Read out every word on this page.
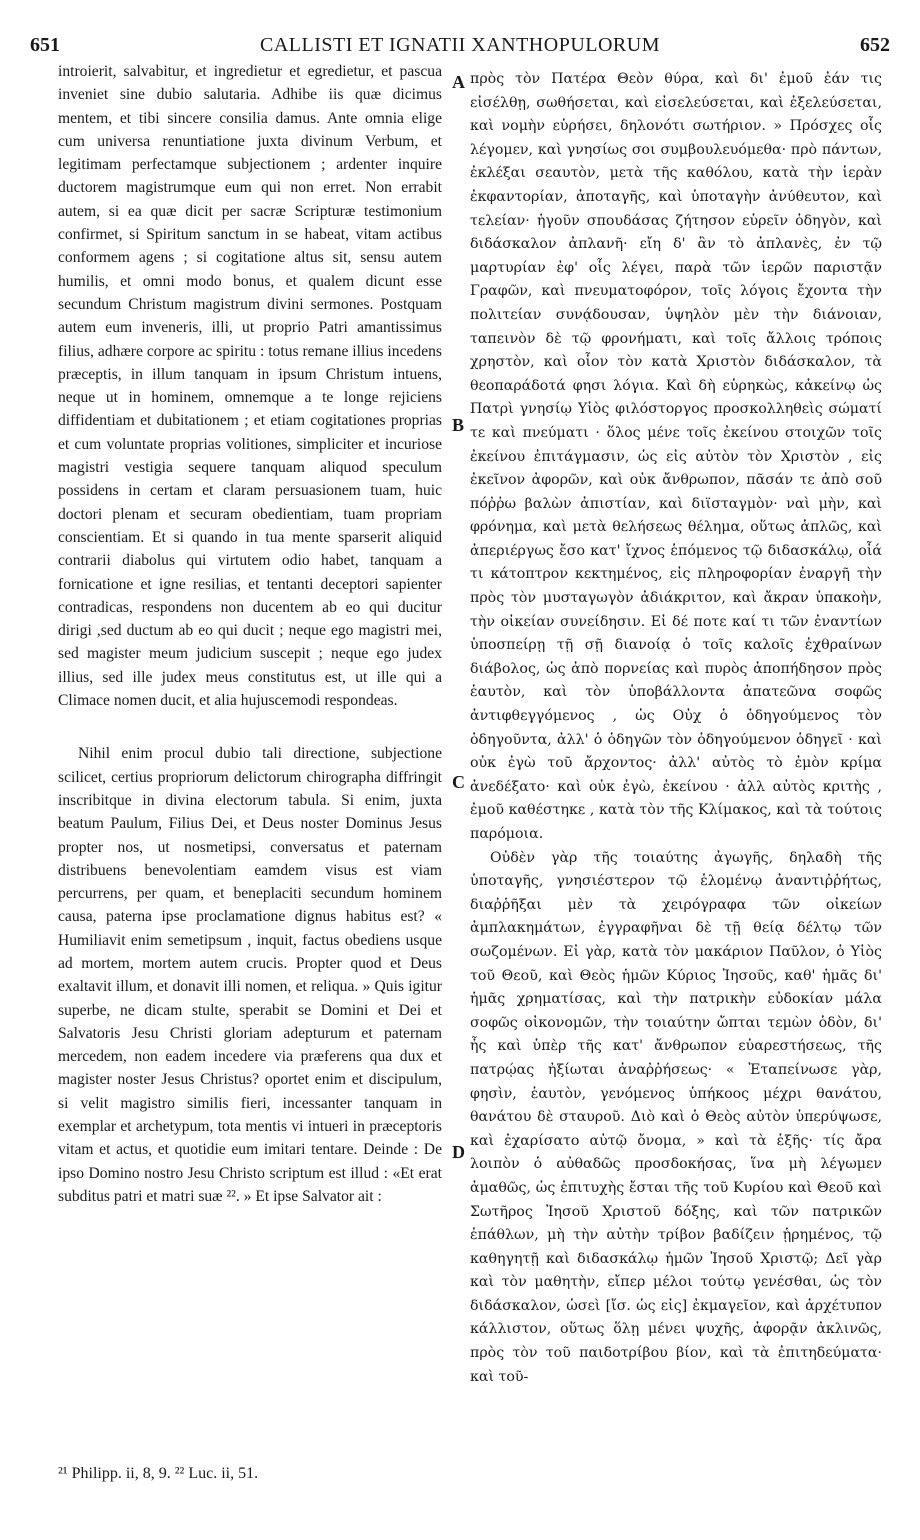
651	CALLISTI ET IGNATII XANTHOPULORUM	652

introierit, salvabitur, et ingredietur et egredietur, et pascua inveniet sine dubio salutaria. Adhibe iis quæ dicimus mentem, et tibi sincere consilia damus. Ante omnia elige cum universa renuntiatione juxta divinum Verbum, et legitimam perfectamque subjectionem ; ardenter inquire ductorem magistrumque eum qui non erret. Non errabit autem, si ea quæ dicit per sacræ Scripturæ testimonium confirmet, si Spiritum sanctum in se habeat, vitam actibus conformem agens ; si cogitatione altus sit, sensu autem humilis, et omni modo bonus, et qualem dicunt esse secundum Christum magistrum divini sermones. Postquam autem eum inveneris, illi, ut proprio Patri amantissimus filius, adhære corpore ac spiritu : totus remane illius incedens præceptis, in illum tanquam in ipsum Christum intuens, neque ut in hominem, omnemque a te longe rejiciens diffidentiam et dubitationem ; et etiam cogitationes proprias et cum voluntate proprias volitiones, simpliciter et incuriose magistri vestigia sequere tanquam aliquod speculum possidens in certam et claram persuasionem tuam, huic doctori plenam et securam obedientiam, tuam propriam conscientiam. Et si quando in tua mente sparserit aliquid contrarii diabolus qui virtutem odio habet, tanquam a fornicatione et igne resilias, et tentanti deceptori sapienter contradicas, respondens non ducentem ab eo qui ducitur dirigi ,sed ductum ab eo qui ducit ; neque ego magistri mei, sed magister meum judicium suscepit ; neque ego judex illius, sed ille judex meus constitutus est, ut ille qui a Climace nomen ducit, et alia hujuscemodi respondeas.

Nihil enim procul dubio tali directione, subjectione scilicet, certius propriorum delictorum chirographa diffringit inscribitque in divina electorum tabula. Si enim, juxta beatum Paulum, Filius Dei, et Deus noster Dominus Jesus propter nos, ut nosmetipsi, conversatus et paternam distribuens benevolentiam eamdem visus est viam percurrens, per quam, et beneplaciti secundum hominem causa, paterna ipse proclamatione dignus habitus est? « Humiliavit enim semetipsum , inquit, factus obediens usque ad mortem, mortem autem crucis. Propter quod et Deus exaltavit illum, et donavit illi nomen, et reliqua. » Quis igitur superbe, ne dicam stulte, sperabit se Domini et Dei et Salvatoris Jesu Christi gloriam adepturum et paternam mercedem, non eadem incedere via præferens qua dux et magister noster Jesus Christus? oportet enim et discipulum, si velit magistro similis fieri, incessanter tanquam in exemplar et archetypum, tota mentis vi intueri in præceptoris vitam et actus, et quotidie eum imitari tentare. Deinde : De ipso Domino nostro Jesu Christo scriptum est illud : «Et erat subditus patri et matri suæ ²². » Et ipse Salvator ait :

πρὸς τὸν Πατέρα Θεὸν θύρα, καὶ δι' ἐμοῦ ἐάν τις εἰσέλθῃ, σωθήσεται, καὶ εἰσελεύσεται, καὶ ἐξελεύσεται, καὶ νομὴν εὑρήσει, δηλονότι σωτήριον. » Πρόσχες οἷς λέγομεν, καὶ γνησίως σοι συμβουλευόμεθα· πρὸ πάντων, ἐκλέξαι σεαυτὸν, μετὰ τῆς καθόλου, κατὰ τὴν ἱερὰν ἐκφαντορίαν, ἀποταγῆς, καὶ ὑποταγὴν ἀνύθευτον, καὶ τελείαν· ἡγοῦν σπουδάσας ζήτησον εὑρεῖν ὁδηγὸν, καὶ διδάσκαλον ἀπλανῆ· εἴη δ' ἂν τὸ ἀπλανὲς, ἐν τῷ μαρτυρίαν ἐφ' οἷς λέγει, παρὰ τῶν ἱερῶν παριστᾷν Γραφῶν, καὶ πνευματοφόρον, τοῖς λόγοις ἔχοντα τὴν πολιτείαν συνᾴδουσαν, ὑψηλὸν μὲν τὴν διάνοιαν, ταπεινὸν δὲ τῷ φρονήματι, καὶ τοῖς ἄλλοις τρόποις χρηστὸν, καὶ οἷον τὸν κατὰ Χριστὸν διδάσκαλον, τὰ θεοπαράδοτά φησι λόγια. Καὶ δὴ εὑρηκὼς, κἀκείνῳ ὡς Πατρὶ γνησίῳ Υἱὸς φιλόστοργος προσκολληθεὶς σώματί τε καὶ πνεύματι · ὅλος μένε τοῖς ἐκείνου στοιχῶν τοῖς ἐκείνου ἐπιτάγμασιν, ὡς εἰς αὐτὸν τὸν Χριστὸν , εἰς ἐκεῖνον ἀφορῶν, καὶ οὐκ ἄνθρωπον, πᾶσάν τε ἀπὸ σοῦ πόῤῥω βαλὼν ἀπιστίαν, καὶ διϊσταγμὸν· ναὶ μὴν, καὶ φρόνημα, καὶ μετὰ θελήσεως θέλημα, οὕτως ἁπλῶς, καὶ ἀπεριέργως ἔσο κατ' ἴχνος ἑπόμενος τῷ διδασκάλῳ, οἷά τι κάτοπτρον κεκτημένος, εἰς πληροφορίαν ἐναργῆ τὴν πρὸς τὸν μυσταγωγὸν ἀδιάκριτον, καὶ ἄκραν ὑπακοὴν, τὴν οἰκείαν συνείδησιν. Εἰ δέ ποτε καί τι τῶν ἐναντίων ὑποσπείρῃ τῇ σῇ διανοίᾳ ὁ τοῖς καλοῖς ἐχθραίνων διάβολος, ὡς ἀπὸ πορνείας καὶ πυρὸς ἀποπήδησον πρὸς ἑαυτὸν, καὶ τὸν ὑποβάλλοντα ἀπατεῶνα σοφῶς ἀντιφθεγγόμενος , ὡς Οὐχ ὁ ὁδηγούμενος τὸν ὁδηγοῦντα, ἀλλ' ὁ ὁδηγῶν τὸν ὁδηγούμενον ὁδηγεῖ · καὶ οὐκ ἐγὼ τοῦ ἄρχοντος· ἀλλ' αὐτὸς τὸ ἐμὸν κρίμα ἀνεδέξατο· καὶ οὐκ ἐγὼ, ἐκείνου · ἀλλ αὐτὸς κριτὴς , ἐμοῦ καθέστηκε , κατὰ τὸν τῆς Κλίμακος, καὶ τὰ τούτοις παρόμοια.

Οὐδὲν γὰρ τῆς τοιαύτης ἀγωγῆς, δηλαδὴ τῆς ὑποταγῆς, γνησιέστερον τῷ ἑλομένῳ ἀναντιῤῥήτως, διαῤῥῆξαι μὲν τὰ χειρόγραφα τῶν οἰκείων ἀμπλακημάτων, ἐγγραφῆναι δὲ τῇ θείᾳ δέλτῳ τῶν σωζομένων. Εἰ γὰρ, κατὰ τὸν μακάριον Παῦλον, ὁ Υἱὸς τοῦ Θεοῦ, καὶ Θεὸς ἡμῶν Κύριος Ἰησοῦς, καθ' ἡμᾶς δι' ἡμᾶς χρηματίσας, καὶ τὴν πατρικὴν εὐδοκίαν μάλα σοφῶς οἰκονομῶν, τὴν τοιαύτην ὤπται τεμὼν ὁδὸν, δι' ἧς καὶ ὑπὲρ τῆς κατ' ἄνθρωπον εὐαρεστήσεως, τῆς πατρῴας ἠξίωται ἀναῤῥήσεως· « Ἐταπείνωσε γὰρ, φησὶν, ἑαυτὸν, γενόμενος ὑπήκοος μέχρι θανάτου, θανάτου δὲ σταυροῦ. Διὸ καὶ ὁ Θεὸς αὐτὸν ὑπερύψωσε, καὶ ἐχαρίσατο αὐτῷ ὄνομα, » καὶ τὰ ἑξῆς· τίς ἄρα λοιπὸν ὁ αὐθαδῶς προσδοκήσας, ἵνα μὴ λέγωμεν ἀμαθῶς, ὡς ἐπιτυχὴς ἔσται τῆς τοῦ Κυρίου καὶ Θεοῦ καὶ Σωτῆρος Ἰησοῦ Χριστοῦ δόξης, καὶ τῶν πατρικῶν ἐπάθλων, μὴ τὴν αὐτὴν τρίβον βαδίζειν ᾑρημένος, τῷ καθηγητῇ καὶ διδασκάλῳ ἡμῶν Ἰησοῦ Χριστῷ; Δεῖ γὰρ καὶ τὸν μαθητὴν, εἴπερ μέλοι τούτῳ γενέσθαι, ὡς τὸν διδάσκαλον, ὡσεὶ [ἴσ. ὡς εἰς] ἐκμαγεῖον, καὶ ἀρχέτυπον κάλλιστον, οὕτως ὅλῃ μένει ψυχῆς, ἀφορᾷν ἀκλινῶς, πρὸς τὸν τοῦ παιδοτρίβου βίον, καὶ τὰ ἐπιτηδεύματα· καὶ τοῦ-

A
B
C
D
²¹ Philipp. ii, 8, 9. ²² Luc. ii, 51.
